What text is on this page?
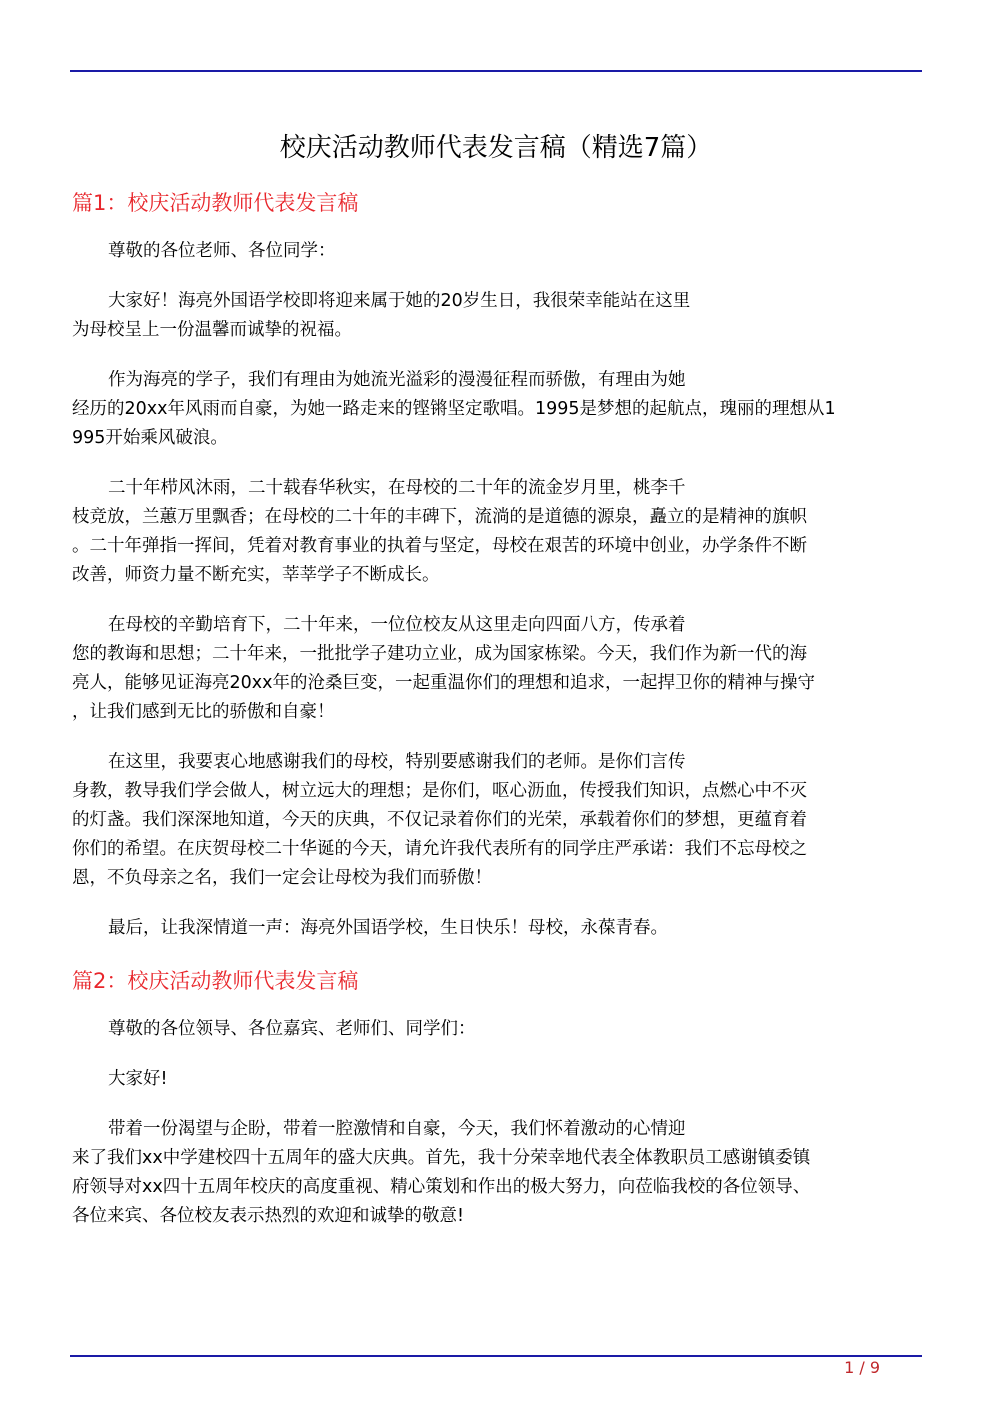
校庆活动教师代表发言稿（精选7篇）
篇1：校庆活动教师代表发言稿
尊敬的各位老师、各位同学：
大家好！海亮外国语学校即将迎来属于她的20岁生日，我很荣幸能站在这里
为母校呈上一份温馨而诚挚的祝福。
作为海亮的学子，我们有理由为她流光溢彩的漫漫征程而骄傲，有理由为她
经历的20xx年风雨而自豪，为她一路走来的铿锵坚定歌唱。1995是梦想的起航点，瑰丽的理想从1
995开始乘风破浪。
二十年栉风沐雨，二十载春华秋实，在母校的二十年的流金岁月里，桃李千
枝竞放，兰蕙万里飘香；在母校的二十年的丰碑下，流淌的是道德的源泉，矗立的是精神的旗帜
。二十年弹指一挥间，凭着对教育事业的执着与坚定，母校在艰苦的环境中创业，办学条件不断
改善，师资力量不断充实，莘莘学子不断成长。
在母校的辛勤培育下，二十年来，一位位校友从这里走向四面八方，传承着
您的教诲和思想；二十年来，一批批学子建功立业，成为国家栋梁。今天，我们作为新一代的海
亮人，能够见证海亮20xx年的沧桑巨变，一起重温你们的理想和追求，一起捍卫你的精神与操守
，让我们感到无比的骄傲和自豪！
在这里，我要衷心地感谢我们的母校，特别要感谢我们的老师。是你们言传
身教，教导我们学会做人，树立远大的理想；是你们，呕心沥血，传授我们知识，点燃心中不灭
的灯盏。我们深深地知道，今天的庆典，不仅记录着你们的光荣，承载着你们的梦想，更蕴育着
你们的希望。在庆贺母校二十华诞的今天，请允许我代表所有的同学庄严承诺：我们不忘母校之
恩，不负母亲之名，我们一定会让母校为我们而骄傲！
最后，让我深情道一声：海亮外国语学校，生日快乐！母校，永葆青春。
篇2：校庆活动教师代表发言稿
尊敬的各位领导、各位嘉宾、老师们、同学们：
大家好!
带着一份渴望与企盼，带着一腔激情和自豪，今天，我们怀着激动的心情迎
来了我们xx中学建校四十五周年的盛大庆典。首先，我十分荣幸地代表全体教职员工感谢镇委镇
府领导对xx四十五周年校庆的高度重视、精心策划和作出的极大努力，向莅临我校的各位领导、
各位来宾、各位校友表示热烈的欢迎和诚挚的敬意!
1 / 9
